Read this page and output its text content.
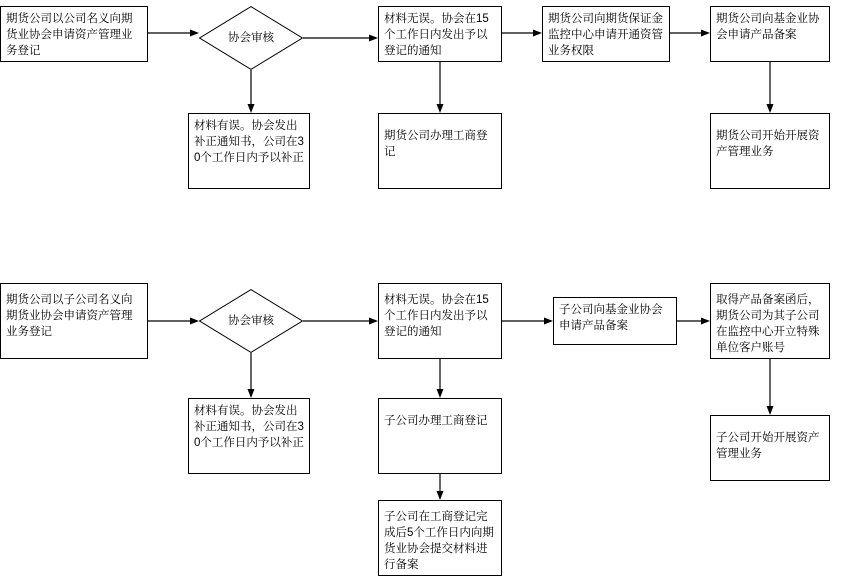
期货公司以公司名义向期货业协会申请资产管理业务登记
协会审核
材料无误。协会在15个工作日内发出予以登记的通知
期货公司向期货保证金监控中心申请开通资管业务权限
期货公司向基金业协会申请产品备案
材料有误。协会发出补正通知书，公司在30个工作日内予以补正
期货公司办理工商登记
期货公司开始开展资产管理业务
期货公司以子公司名义向期货业协会申请资产管理业务登记
协会审核
材料无误。协会在15个工作日内发出予以登记的通知
子公司向基金业协会申请产品备案
取得产品备案函后，期货公司为其子公司在监控中心开立特殊单位客户账号
材料有误。协会发出补正通知书，公司在30个工作日内予以补正
子公司办理工商登记
子公司开始开展资产管理业务
子公司在工商登记完成后5个工作日内向期货业协会提交材料进行备案
